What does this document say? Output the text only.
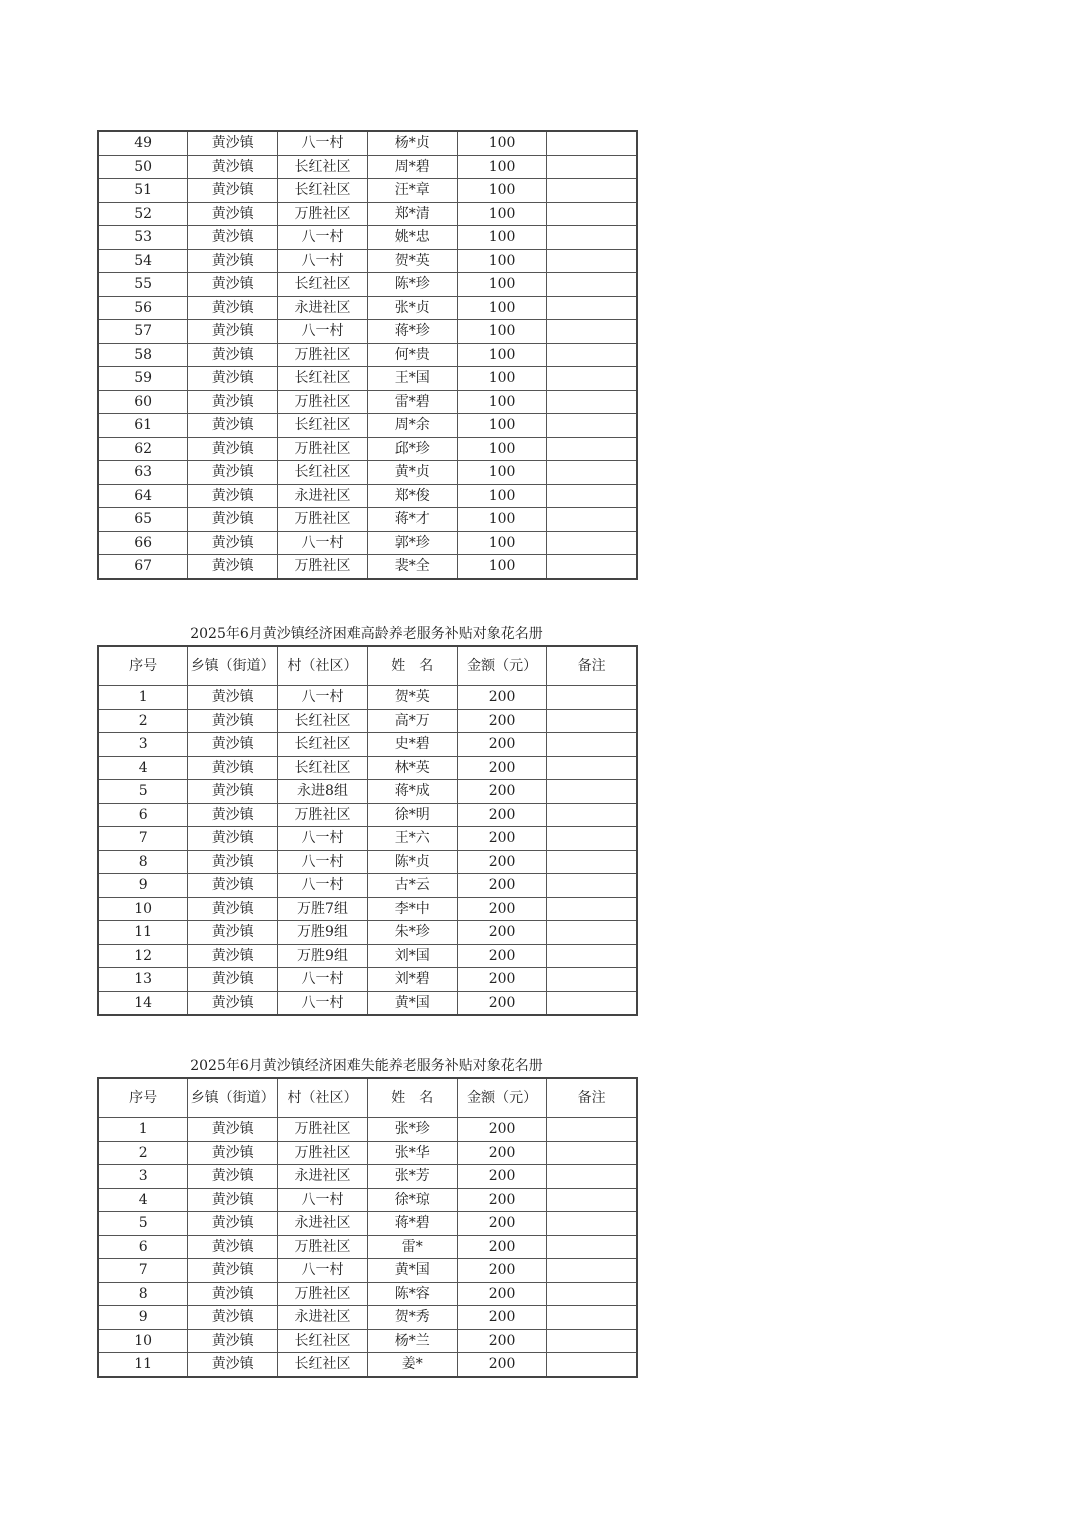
49	黄沙镇	八一村	杨*贞	100	
50	黄沙镇	长红社区	周*碧	100	
51	黄沙镇	长红社区	汪*章	100	
52	黄沙镇	万胜社区	郑*清	100	
53	黄沙镇	八一村	姚*忠	100	
54	黄沙镇	八一村	贺*英	100	
55	黄沙镇	长红社区	陈*珍	100	
56	黄沙镇	永进社区	张*贞	100	
57	黄沙镇	八一村	蒋*珍	100	
58	黄沙镇	万胜社区	何*贵	100	
59	黄沙镇	长红社区	王*国	100	
60	黄沙镇	万胜社区	雷*碧	100	
61	黄沙镇	长红社区	周*余	100	
62	黄沙镇	万胜社区	邱*珍	100	
63	黄沙镇	长红社区	黄*贞	100	
64	黄沙镇	永进社区	郑*俊	100	
65	黄沙镇	万胜社区	蒋*才	100	
66	黄沙镇	八一村	郭*珍	100	
67	黄沙镇	万胜社区	裴*全	100	
2025年6月黄沙镇经济困难高龄养老服务补贴对象花名册
序号	乡镇（街道）	村（社区）	姓　名	金额（元）	备注
1	黄沙镇	八一村	贺*英	200	
2	黄沙镇	长红社区	高*万	200	
3	黄沙镇	长红社区	史*碧	200	
4	黄沙镇	长红社区	林*英	200	
5	黄沙镇	永进8组	蒋*成	200	
6	黄沙镇	万胜社区	徐*明	200	
7	黄沙镇	八一村	王*六	200	
8	黄沙镇	八一村	陈*贞	200	
9	黄沙镇	八一村	古*云	200	
10	黄沙镇	万胜7组	李*中	200	
11	黄沙镇	万胜9组	朱*珍	200	
12	黄沙镇	万胜9组	刘*国	200	
13	黄沙镇	八一村	刘*碧	200	
14	黄沙镇	八一村	黄*国	200	
2025年6月黄沙镇经济困难失能养老服务补贴对象花名册
序号	乡镇（街道）	村（社区）	姓　名	金额（元）	备注
1	黄沙镇	万胜社区	张*珍	200	
2	黄沙镇	万胜社区	张*华	200	
3	黄沙镇	永进社区	张*芳	200	
4	黄沙镇	八一村	徐*琼	200	
5	黄沙镇	永进社区	蒋*碧	200	
6	黄沙镇	万胜社区	雷*	200	
7	黄沙镇	八一村	黄*国	200	
8	黄沙镇	万胜社区	陈*容	200	
9	黄沙镇	永进社区	贺*秀	200	
10	黄沙镇	长红社区	杨*兰	200	
11	黄沙镇	长红社区	姜*	200	
